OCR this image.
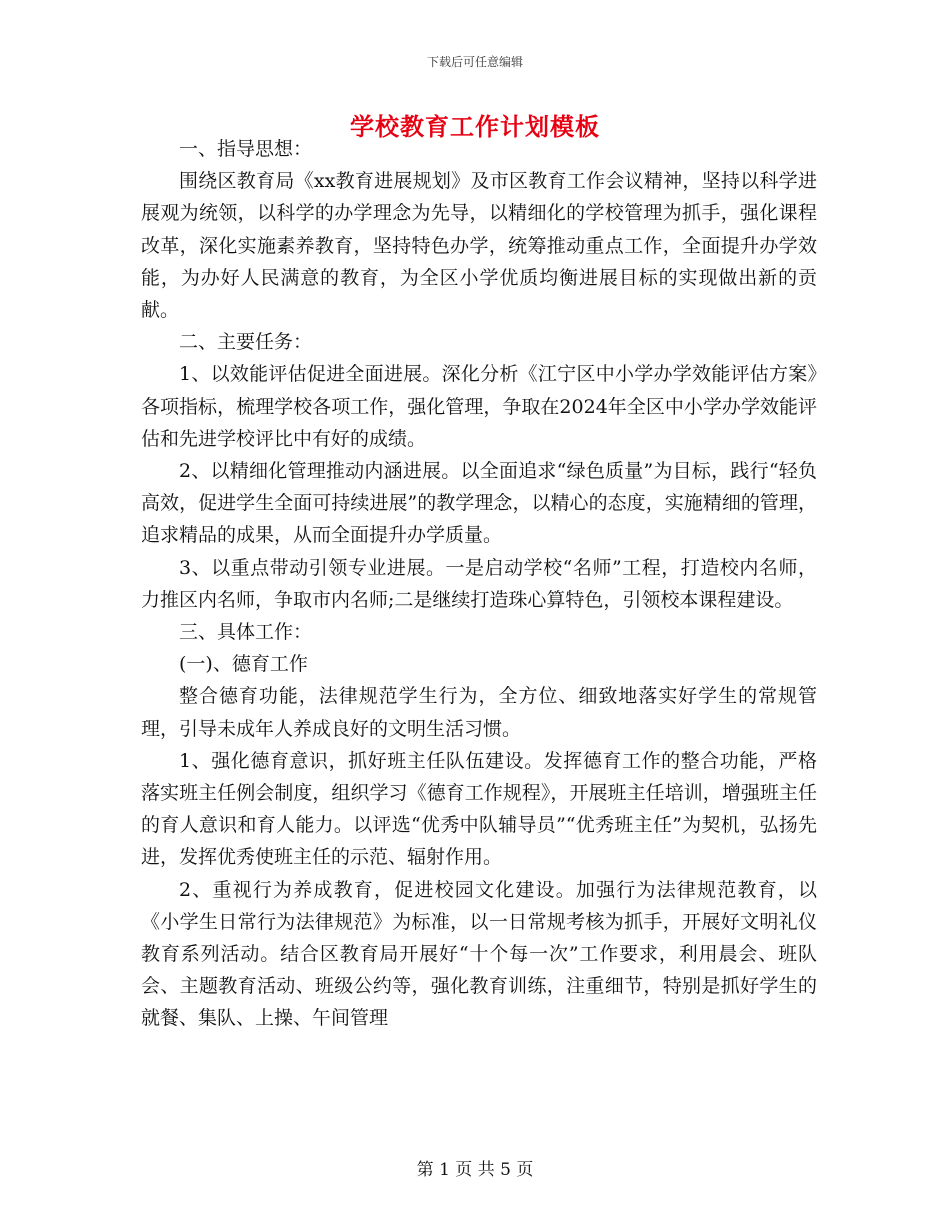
下载后可任意编辑
学校教育工作计划模板

一、指导思想：

围绕区教育局《xx教育进展规划》及市区教育工作会议精神，坚持以科学进展观为统领，以科学的办学理念为先导，以精细化的学校管理为抓手，强化课程改革，深化实施素养教育，坚持特色办学，统筹推动重点工作，全面提升办学效能，为办好人民满意的教育，为全区小学优质均衡进展目标的实现做出新的贡献。

二、主要任务：

1、以效能评估促进全面进展。深化分析《江宁区中小学办学效能评估方案》各项指标，梳理学校各项工作，强化管理，争取在2024年全区中小学办学效能评估和先进学校评比中有好的成绩。

2、以精细化管理推动内涵进展。以全面追求“绿色质量”为目标，践行“轻负高效，促进学生全面可持续进展”的教学理念，以精心的态度，实施精细的管理，追求精品的成果，从而全面提升办学质量。

3、以重点带动引领专业进展。一是启动学校“名师”工程，打造校内名师，力推区内名师，争取市内名师;二是继续打造珠心算特色，引领校本课程建设。

三、具体工作：

(一)、德育工作

整合德育功能，法律规范学生行为，全方位、细致地落实好学生的常规管理，引导未成年人养成良好的文明生活习惯。

1、强化德育意识，抓好班主任队伍建设。发挥德育工作的整合功能，严格落实班主任例会制度，组织学习《德育工作规程》，开展班主任培训，增强班主任的育人意识和育人能力。以评选“优秀中队辅导员”“优秀班主任”为契机，弘扬先进，发挥优秀使班主任的示范、辐射作用。

2、重视行为养成教育，促进校园文化建设。加强行为法律规范教育，以《小学生日常行为法律规范》为标准，以一日常规考核为抓手，开展好文明礼仪教育系列活动。结合区教育局开展好“十个每一次”工作要求，利用晨会、班队会、主题教育活动、班级公约等，强化教育训练，注重细节，特别是抓好学生的就餐、集队、上操、午间管理

第 1 页 共 5 页
